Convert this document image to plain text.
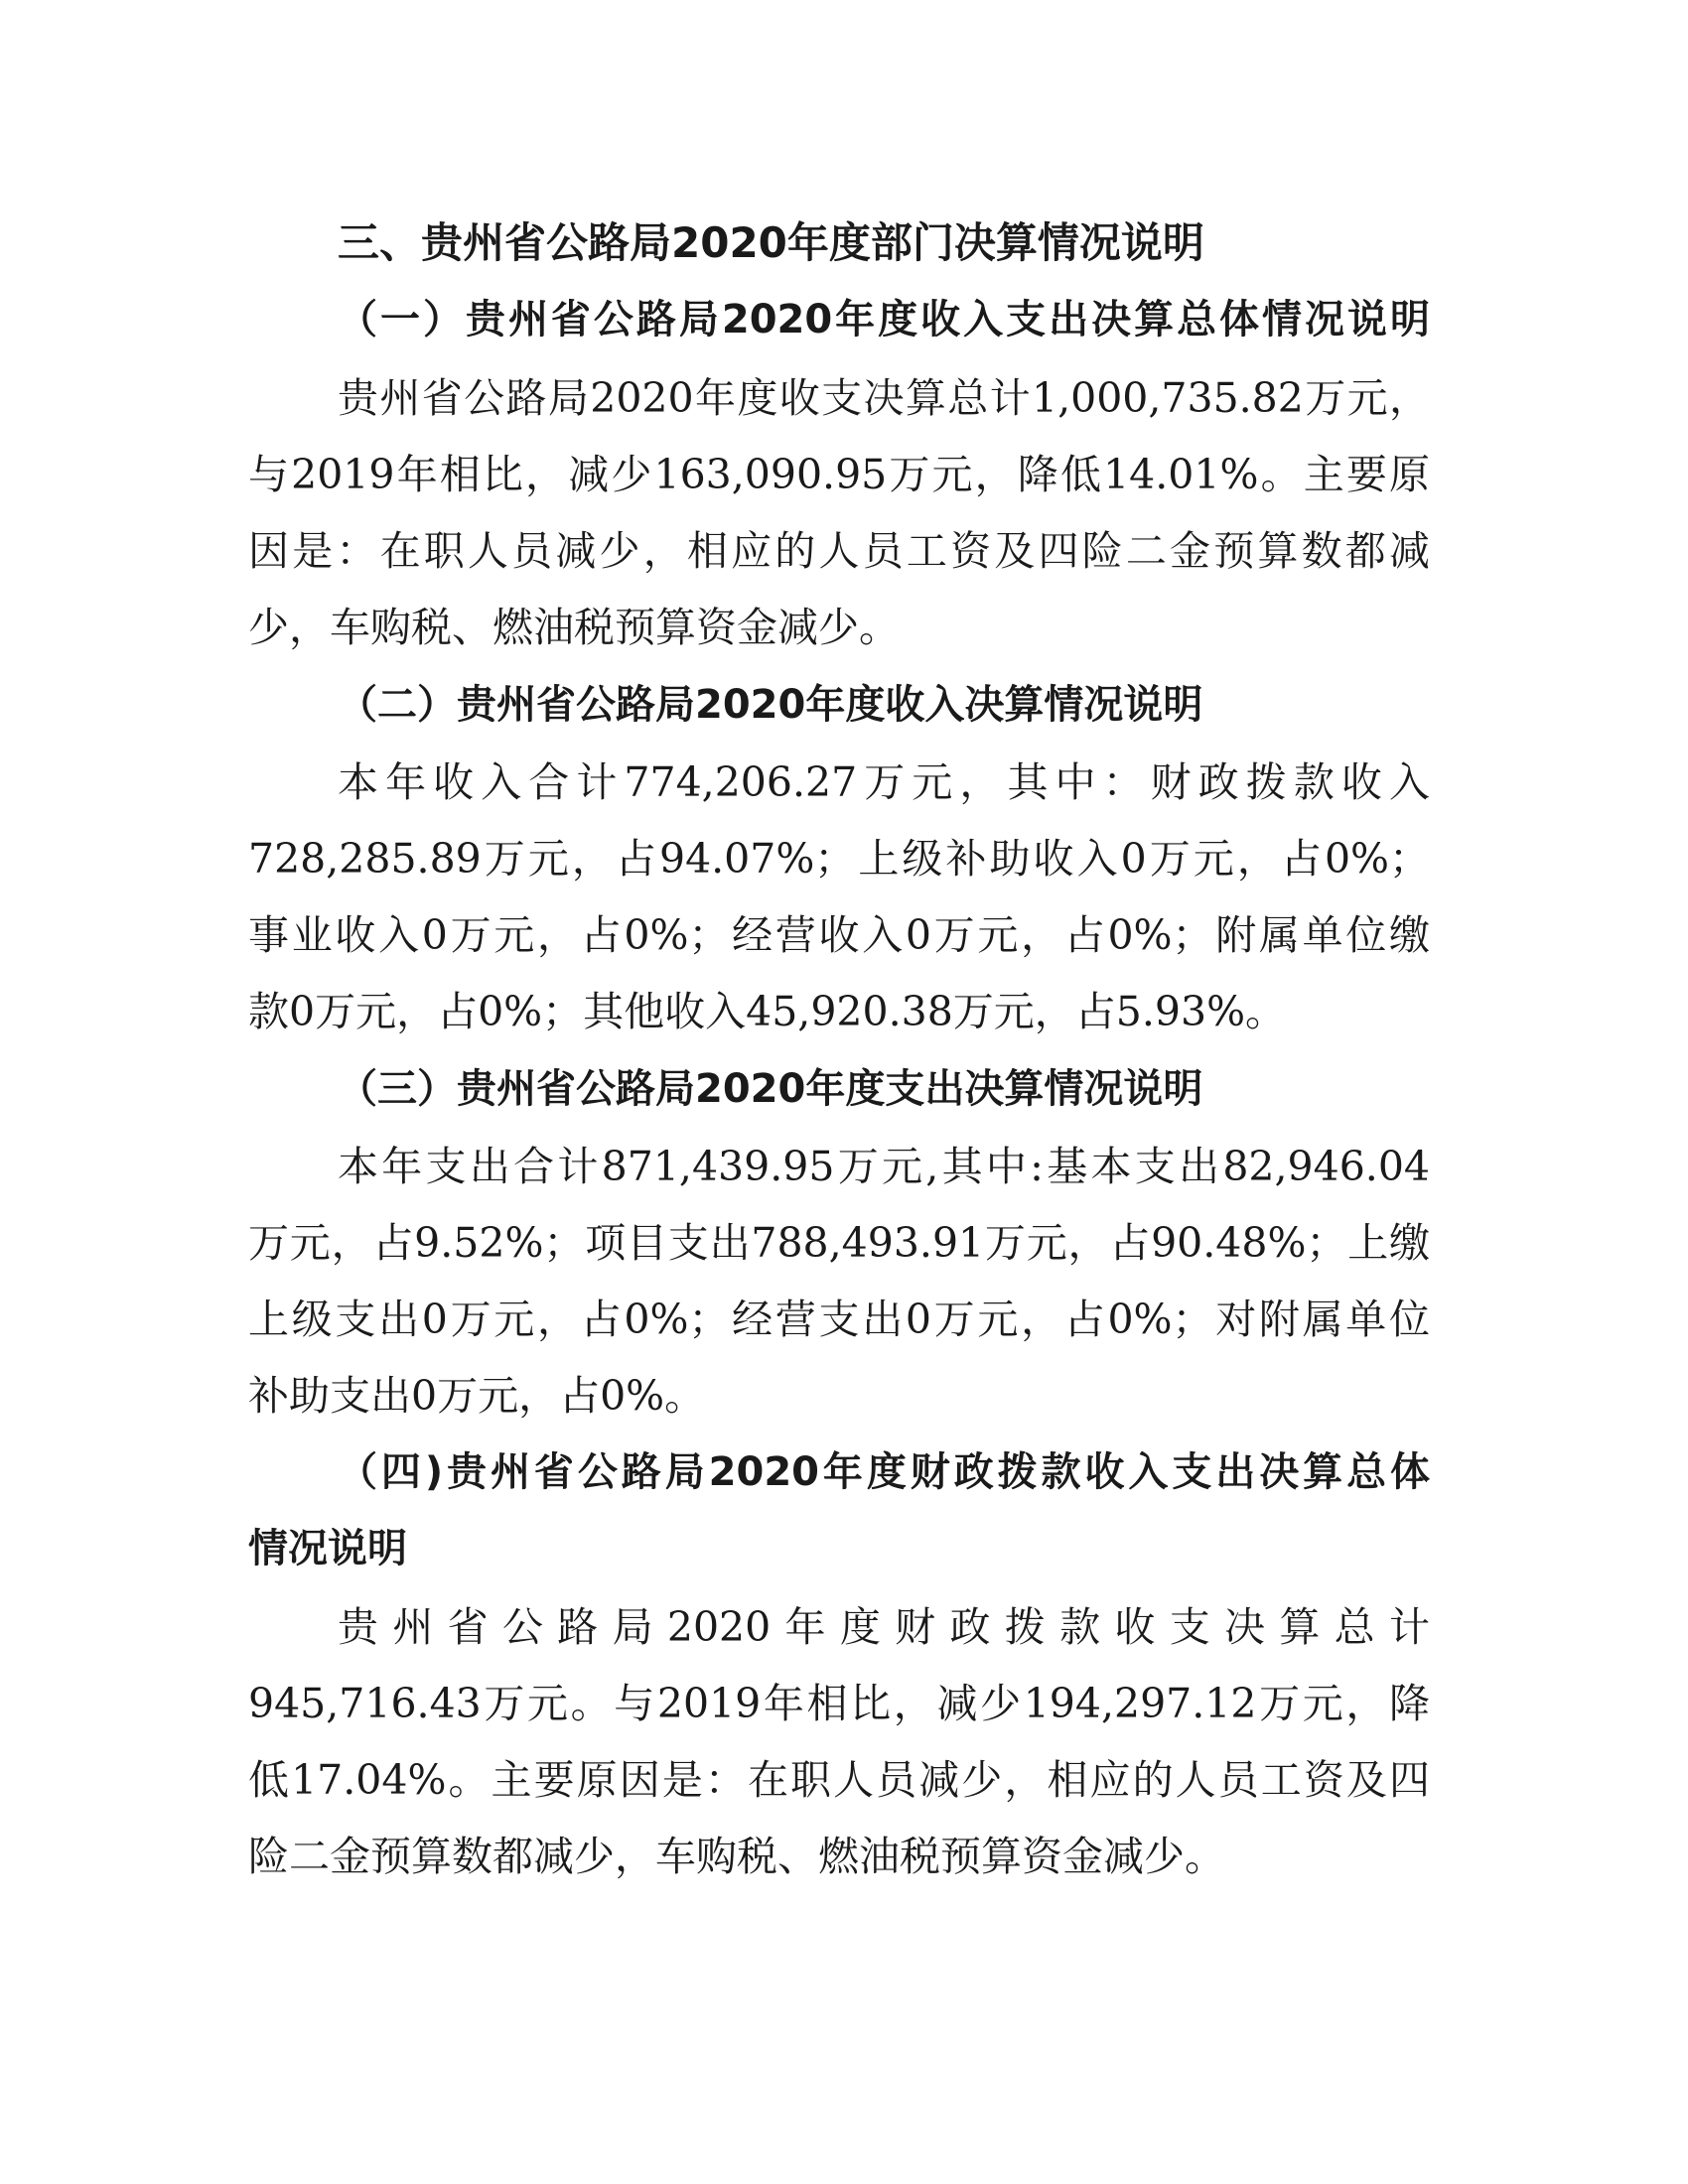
三、贵州省公路局2020年度部门决算情况说明

（一）贵州省公路局2020年度收入支出决算总体情况说明

贵州省公路局2020年度收支决算总计1,000,735.82万元，

与2019年相比，减少163,090.95万元，降低14.01%。主要原

因是：在职人员减少，相应的人员工资及四险二金预算数都减

少，车购税、燃油税预算资金减少。

（二）贵州省公路局2020年度收入决算情况说明

本年收入合计774,206.27万元，其中：财政拨款收入

728,285.89万元，占94.07%；上级补助收入0万元，占0%；

事业收入0万元，占0%；经营收入0万元，占0%；附属单位缴

款0万元，占0%；其他收入45,920.38万元，占5.93%。

（三）贵州省公路局2020年度支出决算情况说明

本年支出合计871,439.95万元,其中:基本支出82,946.04

万元，占9.52%；项目支出788,493.91万元，占90.48%；上缴

上级支出0万元，占0%；经营支出0万元，占0%；对附属单位

补助支出0万元，占0%。

（四)贵州省公路局2020年度财政拨款收入支出决算总体

情况说明

贵州省公路局2020年度财政拨款收支决算总计

945,716.43万元。与2019年相比，减少194,297.12万元，降

低17.04%。主要原因是：在职人员减少，相应的人员工资及四

险二金预算数都减少，车购税、燃油税预算资金减少。
